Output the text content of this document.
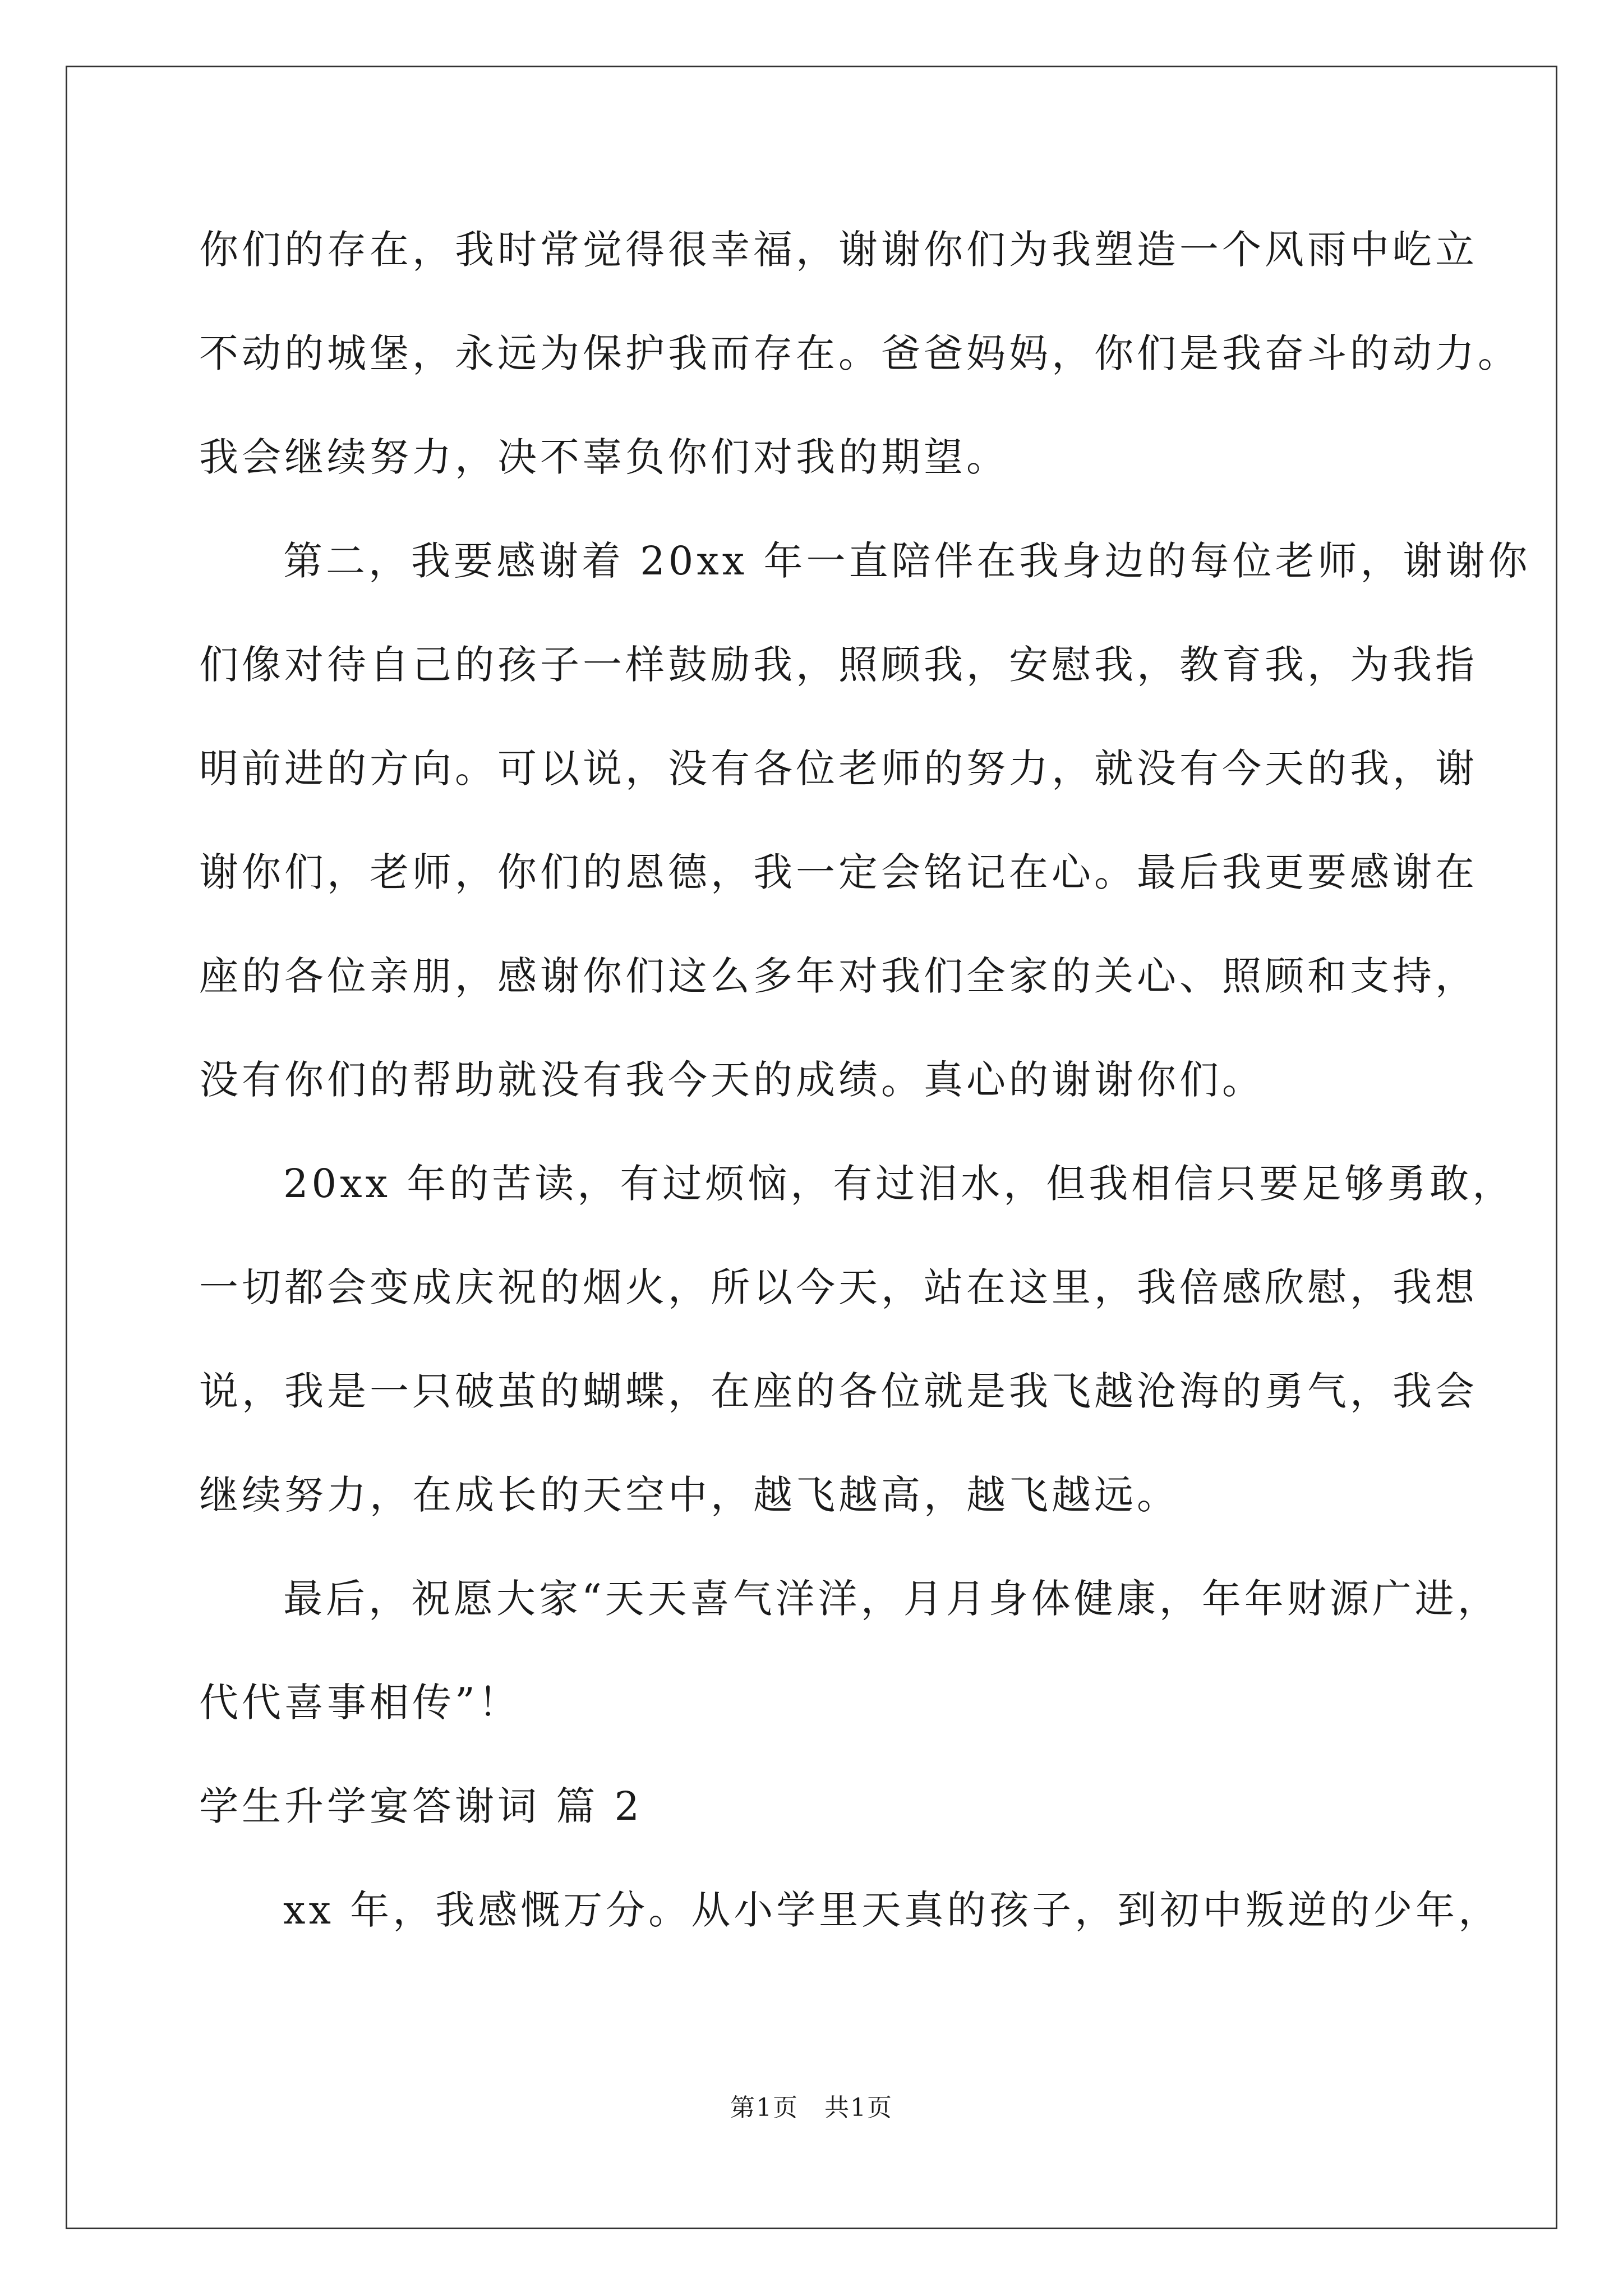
你们的存在，我时常觉得很幸福，谢谢你们为我塑造一个风雨中屹立
不动的城堡，永远为保护我而存在。爸爸妈妈，你们是我奋斗的动力。
我会继续努力，决不辜负你们对我的期望。
第二，我要感谢着 20xx 年一直陪伴在我身边的每位老师，谢谢你
们像对待自己的孩子一样鼓励我，照顾我，安慰我，教育我，为我指
明前进的方向。可以说，没有各位老师的努力，就没有今天的我，谢
谢你们，老师，你们的恩德，我一定会铭记在心。最后我更要感谢在
座的各位亲朋，感谢你们这么多年对我们全家的关心、照顾和支持，
没有你们的帮助就没有我今天的成绩。真心的谢谢你们。
20xx 年的苦读，有过烦恼，有过泪水，但我相信只要足够勇敢，
一切都会变成庆祝的烟火，所以今天，站在这里，我倍感欣慰，我想
说，我是一只破茧的蝴蝶，在座的各位就是我飞越沧海的勇气，我会
继续努力，在成长的天空中，越飞越高，越飞越远。
最后，祝愿大家“天天喜气洋洋，月月身体健康，年年财源广进，
代代喜事相传”！
学生升学宴答谢词 篇 2
xx 年，我感慨万分。从小学里天真的孩子，到初中叛逆的少年，
第1页　共1页
